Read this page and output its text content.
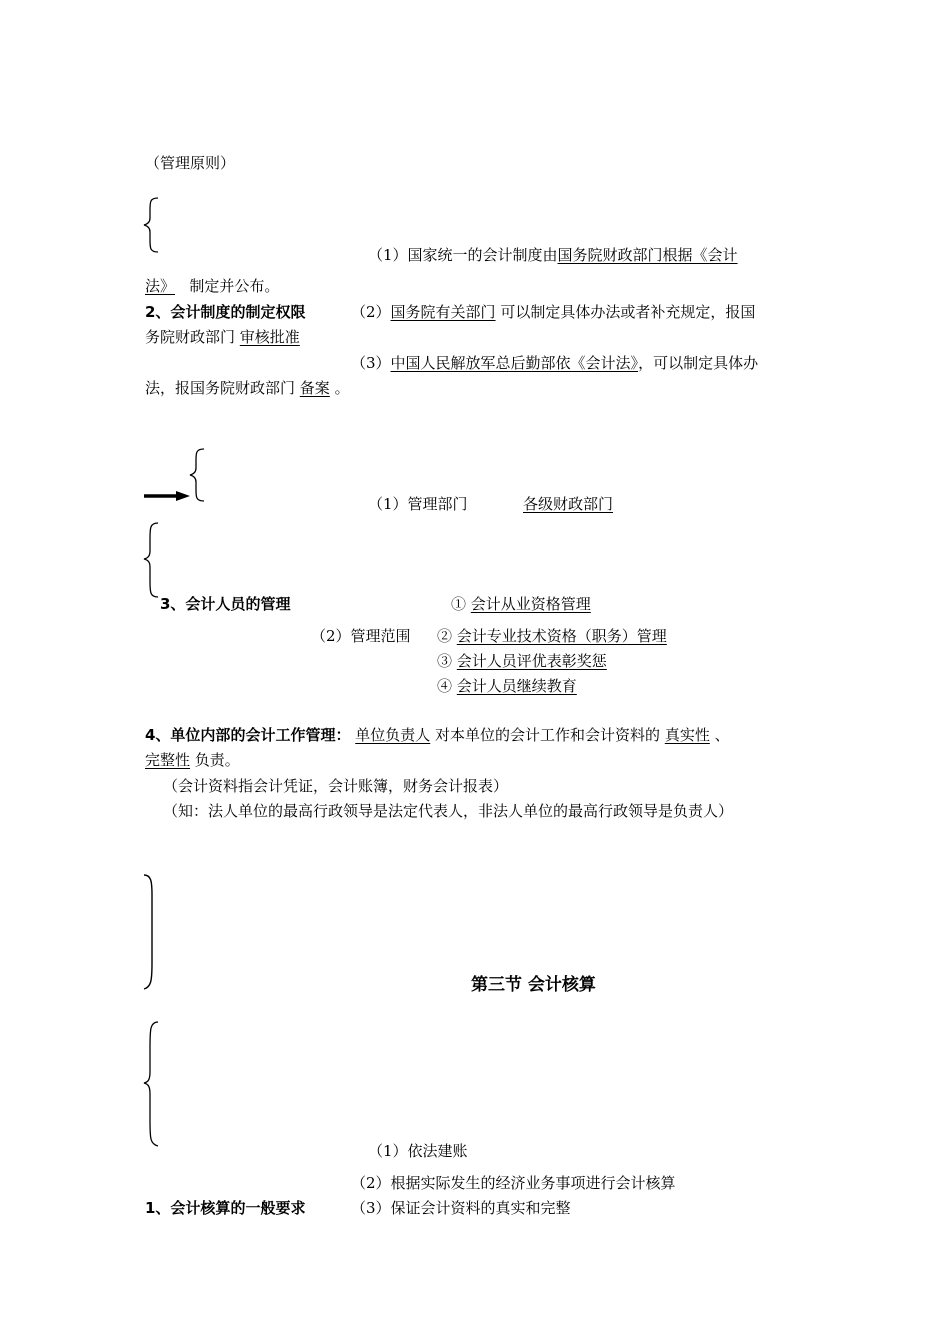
（管理原则）
（1）国家统一的会计制度由国务院财政部门根据《会计
法》 制定并公布。
2、会计制度的制定权限	（2）国务院有关部门 可以制定具体办法或者补充规定，报国
务院财政部门 审核批准
（3）中国人民解放军总后勤部依《会计法》，可以制定具体办
法，报国务院财政部门 备案 。
（1）管理部门	各级财政部门
3、会计人员的管理	① 会计从业资格管理
（2）管理范围 ② 会计专业技术资格（职务）管理
③ 会计人员评优表彰奖惩
④ 会计人员继续教育
4、单位内部的会计工作管理： 单位负责人 对本单位的会计工作和会计资料的 真实性 、
完整性 负责。
（会计资料指会计凭证，会计账簿，财务会计报表）
（知：法人单位的最高行政领导是法定代表人，非法人单位的最高行政领导是负责人）
第三节 会计核算
（1）依法建账
（2）根据实际发生的经济业务事项进行会计核算
1、会计核算的一般要求	（3）保证会计资料的真实和完整
